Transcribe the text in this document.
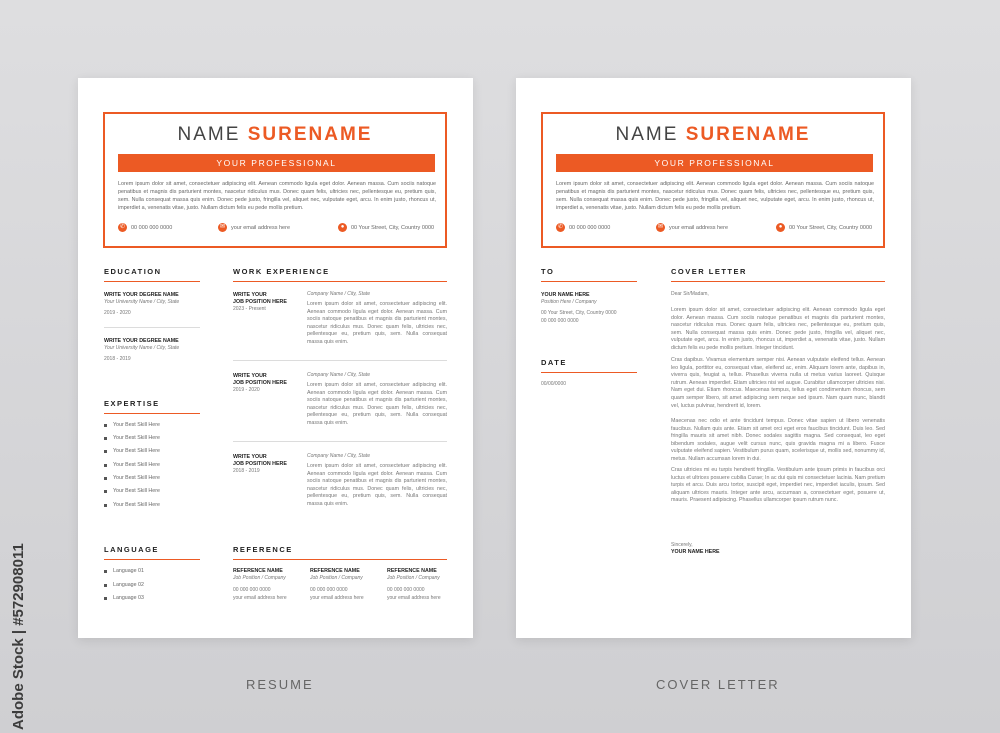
NAME SURENAME
YOUR PROFESSIONAL
Lorem ipsum dolor sit amet, consectetuer adipiscing elit. Aenean commodo ligula eget dolor. Aenean massa. Cum sociis natoque penatibus et magnis dis parturient montes, nascetur ridiculus mus. Donec quam felis, ultricies nec, pellentesque eu, pretium quis, sem. Nulla consequat massa quis enim. Donec pede justo, fringilla vel, aliquet nec, vulputate eget, arcu. In enim justo, rhoncus ut, imperdiet a, venenatis vitae, justo. Nullam dictum felis eu pede mollis pretium.
✆	00 000 000 0000	✉	your email address here	●	00 Your Street, City, Country 0000
EDUCATION
WRITE YOUR DEGREE NAME
Your University Name / City, State
2019 - 2020
WRITE YOUR DEGREE NAME
Your University Name / City, State
2018 - 2019
EXPERTISE
Your Best Skill Here
Your Best Skill Here
Your Best Skill Here
Your Best Skill Here
Your Best Skill Here
Your Best Skill Here
Your Best Skill Here
LANGUAGE
Language 01
Language 02
Language 03
WORK EXPERIENCE
WRITE YOUR
JOB POSITION HERE
2023 - Present
Company Name / City, State
Lorem ipsum dolor sit amet, consectetuer adipiscing elit. Aenean commodo ligula eget dolor. Aenean massa. Cum sociis natoque penatibus et magnis dis parturient montes, nascetur ridiculus mus. Donec quam felis, ultricies nec, pellentesque eu, pretium quis, sem. Nulla consequat massa quis enim.
WRITE YOUR
JOB POSITION HERE
2019 - 2020
Company Name / City, State
Lorem ipsum dolor sit amet, consectetuer adipiscing elit. Aenean commodo ligula eget dolor. Aenean massa. Cum sociis natoque penatibus et magnis dis parturient montes, nascetur ridiculus mus. Donec quam felis, ultricies nec, pellentesque eu, pretium quis, sem. Nulla consequat massa quis enim.
WRITE YOUR
JOB POSITION HERE
2018 - 2019
Company Name / City, State
Lorem ipsum dolor sit amet, consectetuer adipiscing elit. Aenean commodo ligula eget dolor. Aenean massa. Cum sociis natoque penatibus et magnis dis parturient montes, nascetur ridiculus mus. Donec quam felis, ultricies nec, pellentesque eu, pretium quis, sem. Nulla consequat massa quis enim.
REFERENCE
REFERENCE NAME
Job Position / Company
00 000 000 0000
your email address here
REFERENCE NAME
Job Position / Company
00 000 000 0000
your email address here
REFERENCE NAME
Job Position / Company
00 000 000 0000
your email address here
NAME SURENAME
YOUR PROFESSIONAL
Lorem ipsum dolor sit amet, consectetuer adipiscing elit. Aenean commodo ligula eget dolor. Aenean massa. Cum sociis natoque penatibus et magnis dis parturient montes, nascetur ridiculus mus. Donec quam felis, ultricies nec, pellentesque eu, pretium quis, sem. Nulla consequat massa quis enim. Donec pede justo, fringilla vel, aliquet nec, vulputate eget, arcu. In enim justo, rhoncus ut, imperdiet a, venenatis vitae, justo. Nullam dictum felis eu pede mollis pretium.
✆	00 000 000 0000	✉	your email address here	●	00 Your Street, City, Country 0000
TO
YOUR NAME HERE
Position Here / Company
00 Your Street, City, Country 0000
00 000 000 0000
DATE
00/00/0000
COVER LETTER
Dear Sir/Madam,
Lorem ipsum dolor sit amet, consectetuer adipiscing elit. Aenean commodo ligula eget dolor. Aenean massa. Cum sociis natoque penatibus et magnis dis parturient montes, nascetur ridiculus mus. Donec quam felis, ultricies nec, pellentesque eu, pretium quis, sem. Nulla consequat massa quis enim. Donec pede justo, fringilla vel, aliquet nec, vulputate eget, arcu. In enim justo, rhoncus ut, imperdiet a, venenatis vitae, justo. Nullam dictum felis eu pede mollis pretium. Integer tincidunt.
Cras dapibus. Vivamus elementum semper nisi. Aenean vulputate eleifend tellus. Aenean leo ligula, porttitor eu, consequat vitae, eleifend ac, enim. Aliquam lorem ante, dapibus in, viverra quis, feugiat a, tellus. Phasellus viverra nulla ut metus varius laoreet. Quisque rutrum. Aenean imperdiet. Etiam ultricies nisi vel augue. Curabitur ullamcorper ultricies nisi. Nam eget dui. Etiam rhoncus. Maecenas tempus, tellus eget condimentum rhoncus, sem quam semper libero, sit amet adipiscing sem neque sed ipsum. Nam quam nunc, blandit vel, luctus pulvinar, hendrerit id, lorem.
Maecenas nec odio et ante tincidunt tempus. Donec vitae sapien ut libero venenatis faucibus. Nullam quis ante. Etiam sit amet orci eget eros faucibus tincidunt. Duis leo. Sed fringilla mauris sit amet nibh. Donec sodales sagittis magna. Sed consequat, leo eget bibendum sodales, augue velit cursus nunc, quis gravida magna mi a libero. Fusce vulputate eleifend sapien. Vestibulum purus quam, scelerisque ut, mollis sed, nonummy id, metus. Nullam accumsan lorem in dui.
Cras ultricies mi eu turpis hendrerit fringilla. Vestibulum ante ipsum primis in faucibus orci luctus et ultrices posuere cubilia Curae; In ac dui quis mi consectetuer lacinia. Nam pretium turpis et arcu. Duis arcu tortor, suscipit eget, imperdiet nec, imperdiet iaculis, ipsum. Sed aliquam ultrices mauris. Integer ante arcu, accumsan a, consectetuer eget, posuere ut, mauris. Praesent adipiscing. Phasellus ullamcorper ipsum rutrum nunc.
Sincerely,
YOUR NAME HERE
RESUME	COVER LETTER
Adobe Stock | #572908011
